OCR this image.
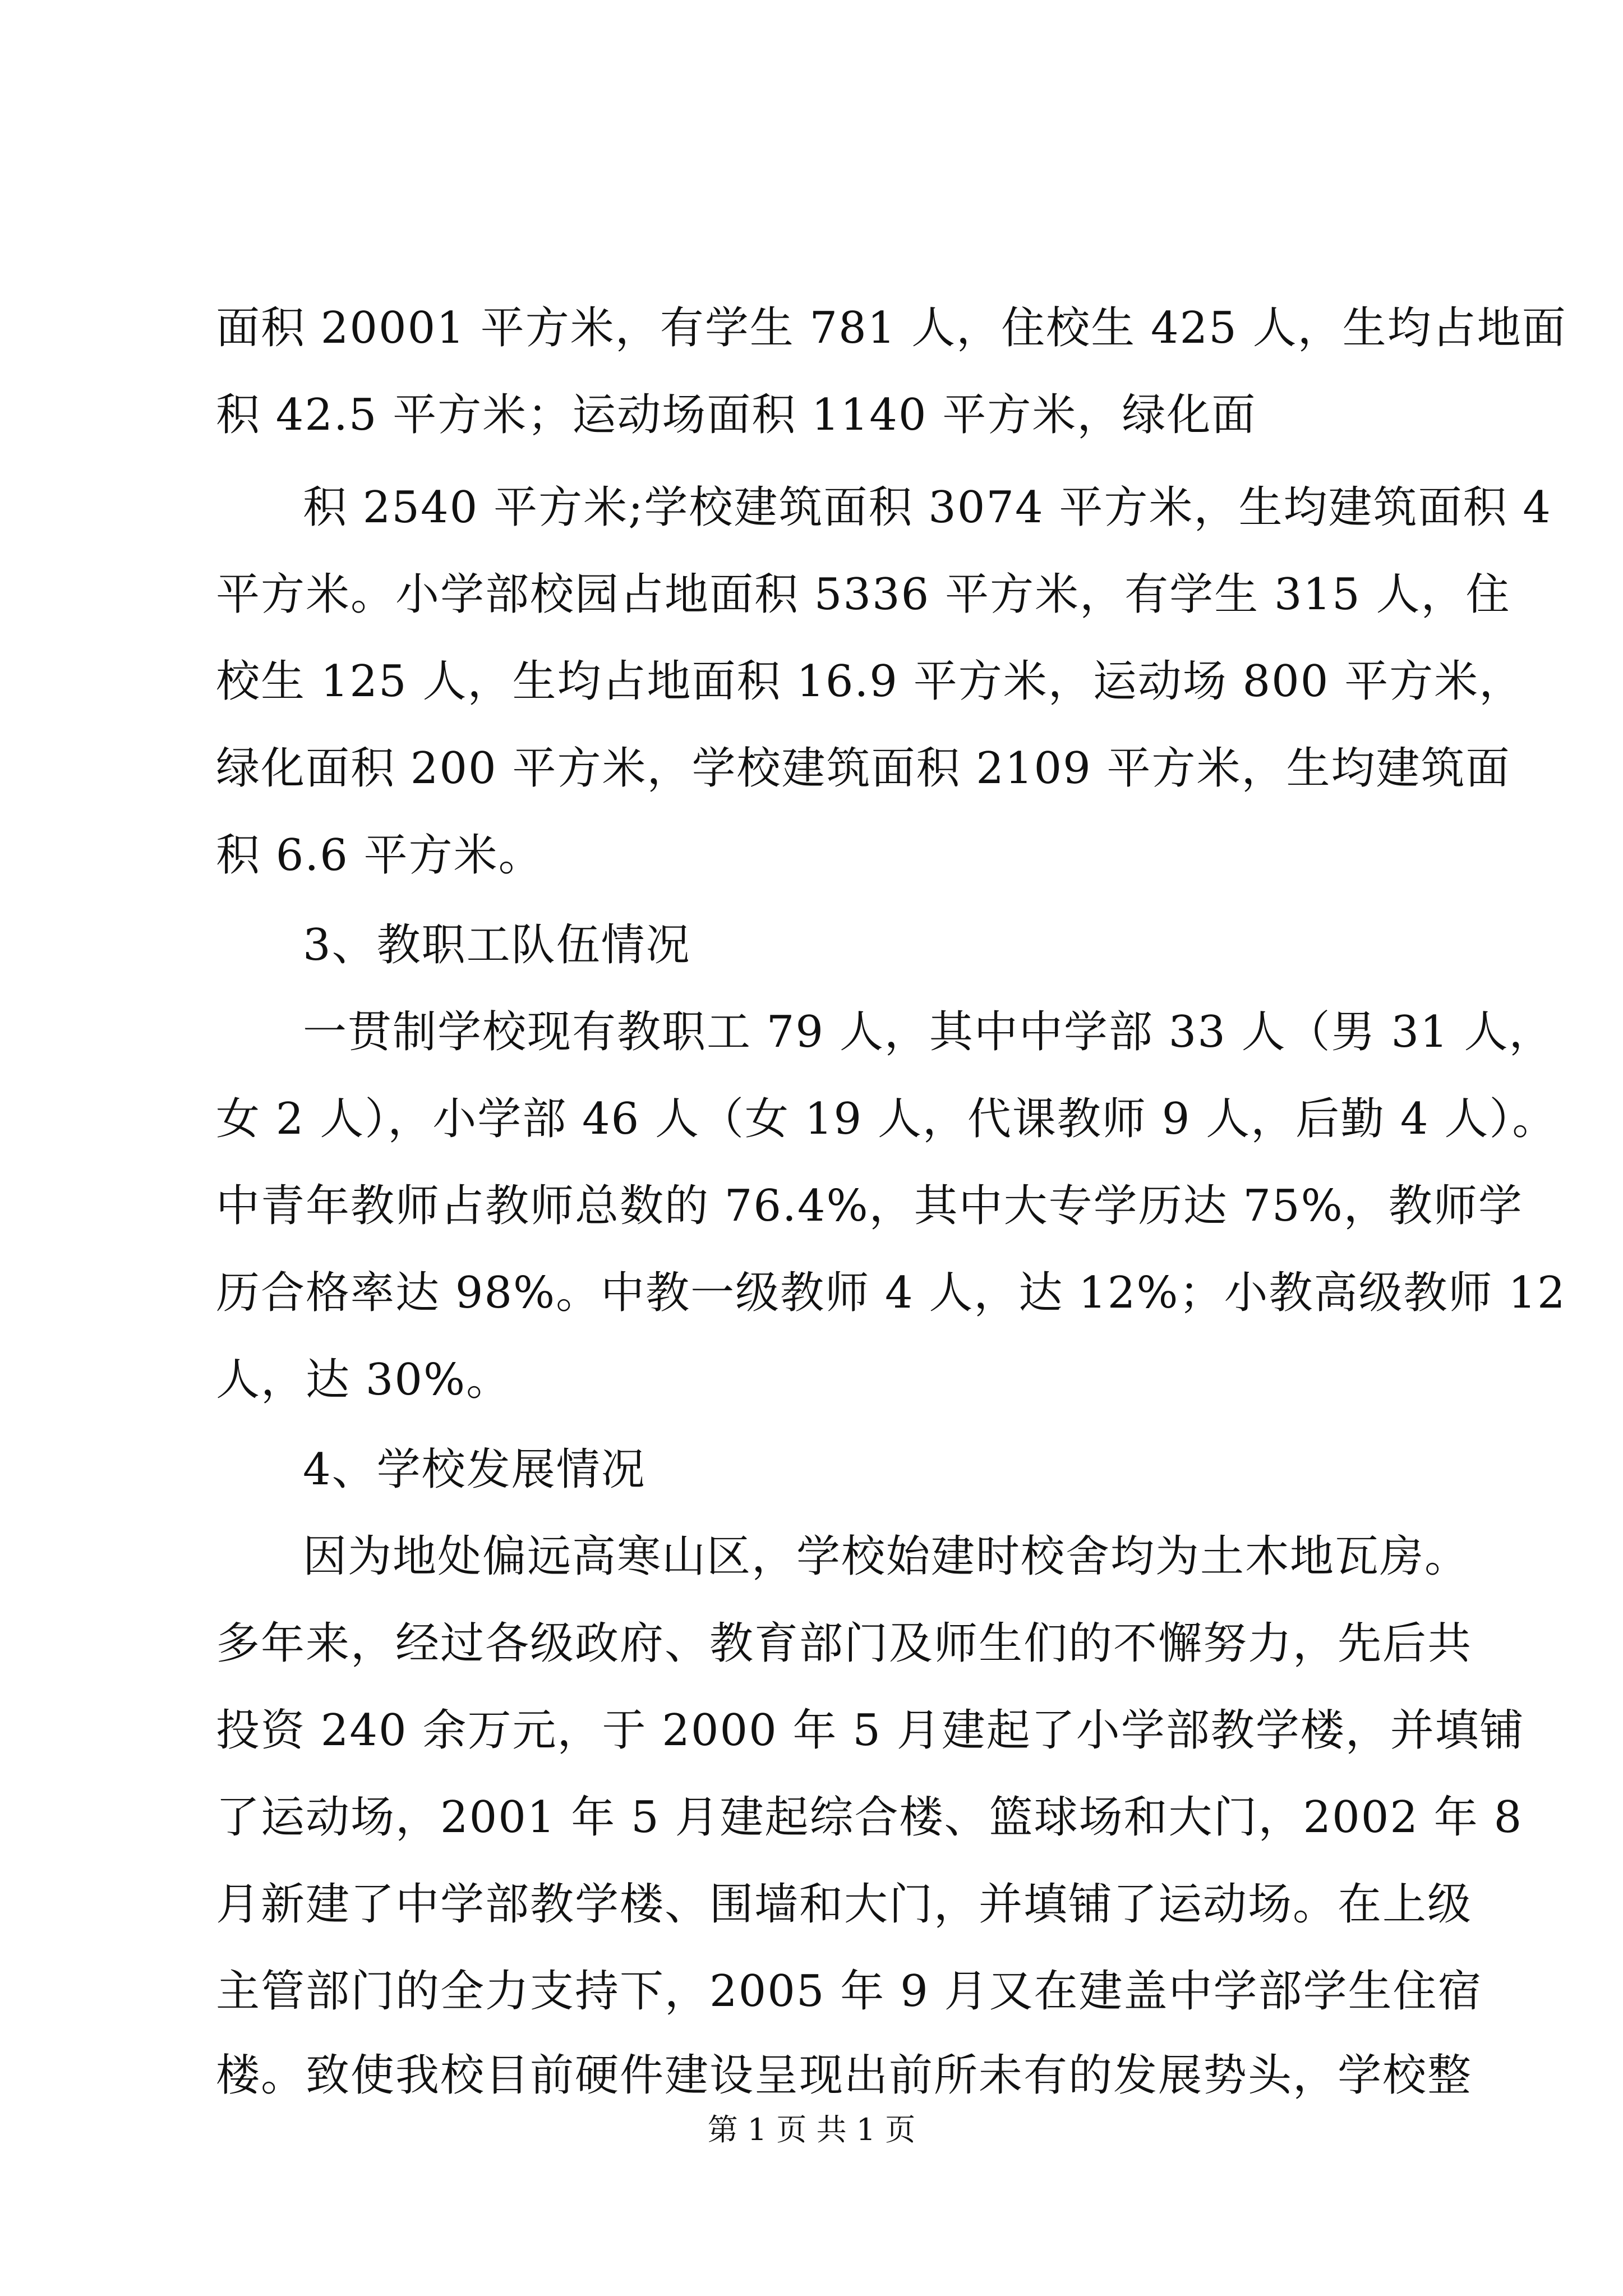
面积 20001 平方米，有学生 781 人，住校生 425 人，生均占地面
积 42.5 平方米；运动场面积 1140 平方米，绿化面
积 2540 平方米;学校建筑面积 3074 平方米，生均建筑面积 4
平方米。小学部校园占地面积 5336 平方米，有学生 315 人，住
校生 125 人，生均占地面积 16.9 平方米，运动场 800 平方米，
绿化面积 200 平方米，学校建筑面积 2109 平方米，生均建筑面
积 6.6 平方米。
3、教职工队伍情况
一贯制学校现有教职工 79 人，其中中学部 33 人（男 31 人，
女 2 人），小学部 46 人（女 19 人，代课教师 9 人，后勤 4 人）。
中青年教师占教师总数的 76.4%，其中大专学历达 75%，教师学
历合格率达 98%。中教一级教师 4 人，达 12%；小教高级教师 12
人，达 30%。
4、学校发展情况
因为地处偏远高寒山区，学校始建时校舍均为土木地瓦房。
多年来，经过各级政府、教育部门及师生们的不懈努力，先后共
投资 240 余万元，于 2000 年 5 月建起了小学部教学楼，并填铺
了运动场，2001 年 5 月建起综合楼、篮球场和大门，2002 年 8
月新建了中学部教学楼、围墙和大门，并填铺了运动场。在上级
主管部门的全力支持下，2005 年 9 月又在建盖中学部学生住宿
楼。致使我校目前硬件建设呈现出前所未有的发展势头，学校整
第 1 页 共 1 页
